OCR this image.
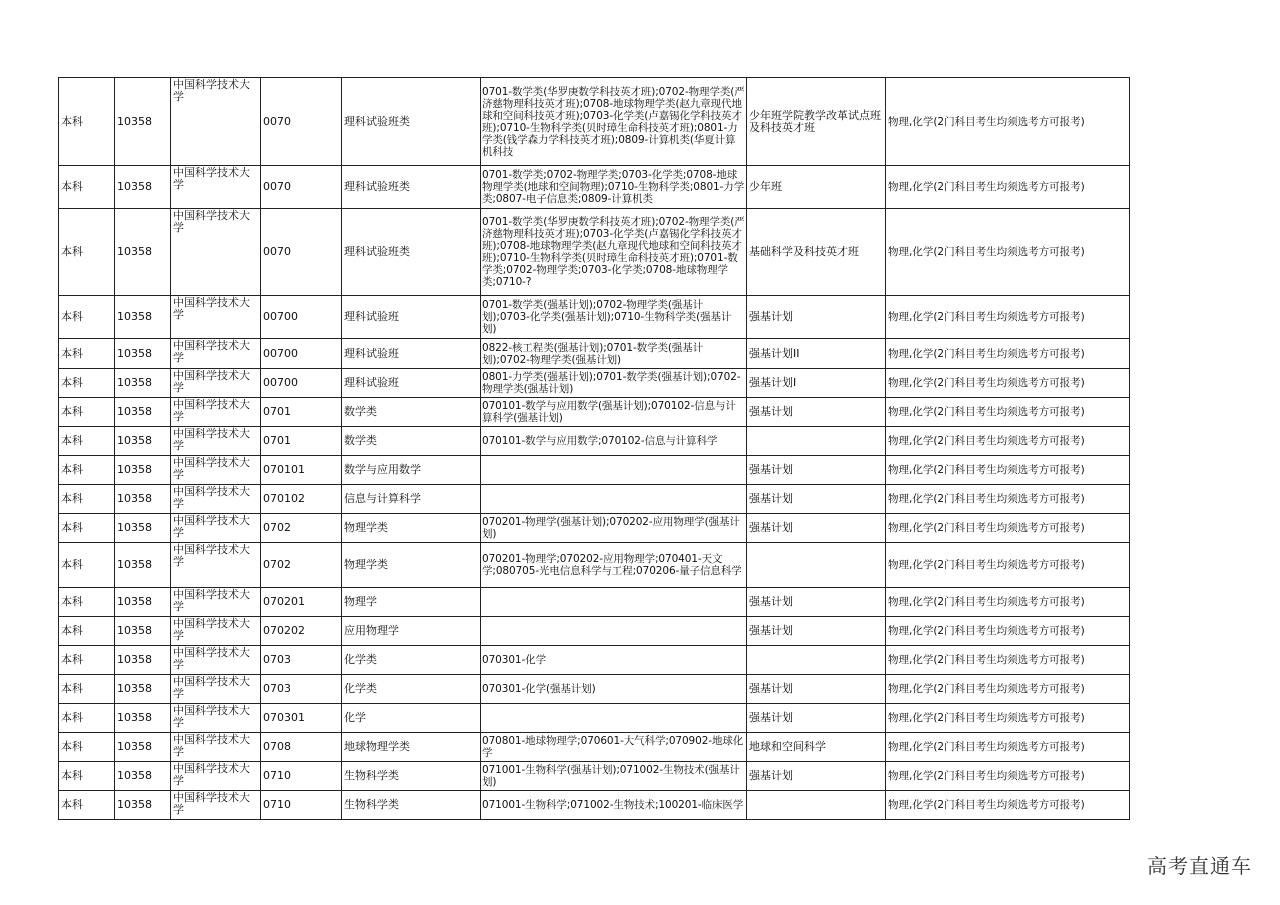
本科	10358	中国科学技术大学	0070	理科试验班类	0701-数学类(华罗庚数学科技英才班);0702-物理学类(严济慈物理科技英才班);0708-地球物理学类(赵九章现代地球和空间科技英才班);0703-化学类(卢嘉锡化学科技英才班);0710-生物科学类(贝时璋生命科技英才班);0801-力学类(钱学森力学科技英才班);0809-计算机类(华夏计算机科技	少年班学院教学改革试点班及科技英才班	物理,化学(2门科目考生均须选考方可报考)
本科	10358	中国科学技术大学	0070	理科试验班类	0701-数学类;0702-物理学类;0703-化学类;0708-地球物理学类(地球和空间物理);0710-生物科学类;0801-力学类;0807-电子信息类;0809-计算机类	少年班	物理,化学(2门科目考生均须选考方可报考)
本科	10358	中国科学技术大学	0070	理科试验班类	0701-数学类(华罗庚数学科技英才班);0702-物理学类(严济慈物理科技英才班);0703-化学类(卢嘉锡化学科技英才班);0708-地球物理学类(赵九章现代地球和空间科技英才班);0710-生物科学类(贝时璋生命科技英才班);0701-数学类;0702-物理学类;0703-化学类;0708-地球物理学类;0710-?	基础科学及科技英才班	物理,化学(2门科目考生均须选考方可报考)
本科	10358	中国科学技术大学	00700	理科试验班	0701-数学类(强基计划);0702-物理学类(强基计划);0703-化学类(强基计划);0710-生物科学类(强基计划)	强基计划	物理,化学(2门科目考生均须选考方可报考)
本科	10358	中国科学技术大学	00700	理科试验班	0822-核工程类(强基计划);0701-数学类(强基计划);0702-物理学类(强基计划)	强基计划II	物理,化学(2门科目考生均须选考方可报考)
本科	10358	中国科学技术大学	00700	理科试验班	0801-力学类(强基计划);0701-数学类(强基计划);0702-物理学类(强基计划)	强基计划I	物理,化学(2门科目考生均须选考方可报考)
本科	10358	中国科学技术大学	0701	数学类	070101-数学与应用数学(强基计划);070102-信息与计算科学(强基计划)	强基计划	物理,化学(2门科目考生均须选考方可报考)
本科	10358	中国科学技术大学	0701	数学类	070101-数学与应用数学;070102-信息与计算科学		物理,化学(2门科目考生均须选考方可报考)
本科	10358	中国科学技术大学	070101	数学与应用数学		强基计划	物理,化学(2门科目考生均须选考方可报考)
本科	10358	中国科学技术大学	070102	信息与计算科学		强基计划	物理,化学(2门科目考生均须选考方可报考)
本科	10358	中国科学技术大学	0702	物理学类	070201-物理学(强基计划);070202-应用物理学(强基计划)	强基计划	物理,化学(2门科目考生均须选考方可报考)
本科	10358	中国科学技术大学	0702	物理学类	070201-物理学;070202-应用物理学;070401-天文学;080705-光电信息科学与工程;070206-量子信息科学		物理,化学(2门科目考生均须选考方可报考)
本科	10358	中国科学技术大学	070201	物理学		强基计划	物理,化学(2门科目考生均须选考方可报考)
本科	10358	中国科学技术大学	070202	应用物理学		强基计划	物理,化学(2门科目考生均须选考方可报考)
本科	10358	中国科学技术大学	0703	化学类	070301-化学		物理,化学(2门科目考生均须选考方可报考)
本科	10358	中国科学技术大学	0703	化学类	070301-化学(强基计划)	强基计划	物理,化学(2门科目考生均须选考方可报考)
本科	10358	中国科学技术大学	070301	化学		强基计划	物理,化学(2门科目考生均须选考方可报考)
本科	10358	中国科学技术大学	0708	地球物理学类	070801-地球物理学;070601-大气科学;070902-地球化学	地球和空间科学	物理,化学(2门科目考生均须选考方可报考)
本科	10358	中国科学技术大学	0710	生物科学类	071001-生物科学(强基计划);071002-生物技术(强基计划)	强基计划	物理,化学(2门科目考生均须选考方可报考)
本科	10358	中国科学技术大学	0710	生物科学类	071001-生物科学;071002-生物技术;100201-临床医学		物理,化学(2门科目考生均须选考方可报考)
高考直通车
